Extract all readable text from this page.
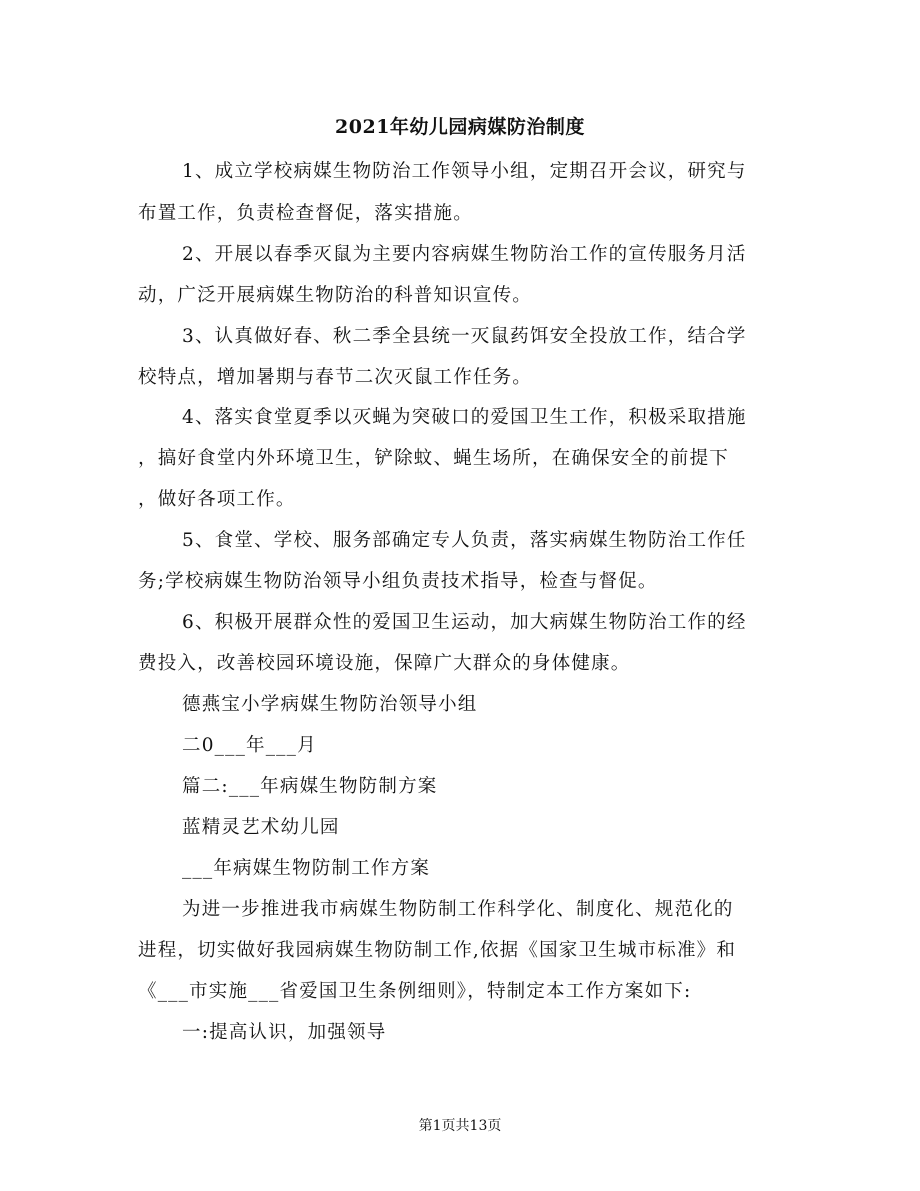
2021年幼儿园病媒防治制度
1、成立学校病媒生物防治工作领导小组，定期召开会议，研究与
布置工作，负责检查督促，落实措施。
2、开展以春季灭鼠为主要内容病媒生物防治工作的宣传服务月活
动，广泛开展病媒生物防治的科普知识宣传。
3、认真做好春、秋二季全县统一灭鼠药饵安全投放工作，结合学
校特点，增加暑期与春节二次灭鼠工作任务。
4、落实食堂夏季以灭蝇为突破口的爱国卫生工作，积极采取措施
，搞好食堂内外环境卫生，铲除蚊、蝇生场所，在确保安全的前提下
，做好各项工作。
5、食堂、学校、服务部确定专人负责，落实病媒生物防治工作任
务;学校病媒生物防治领导小组负责技术指导，检查与督促。
6、积极开展群众性的爱国卫生运动，加大病媒生物防治工作的经
费投入，改善校园环境设施，保障广大群众的身体健康。
德燕宝小学病媒生物防治领导小组
二0___年___月
篇二:___年病媒生物防制方案
蓝精灵艺术幼儿园
___年病媒生物防制工作方案
为进一步推进我市病媒生物防制工作科学化、制度化、规范化的
进程，切实做好我园病媒生物防制工作,依据《国家卫生城市标准》和
《___市实施___省爱国卫生条例细则》，特制定本工作方案如下:
一:提高认识，加强领导
第1页共13页
